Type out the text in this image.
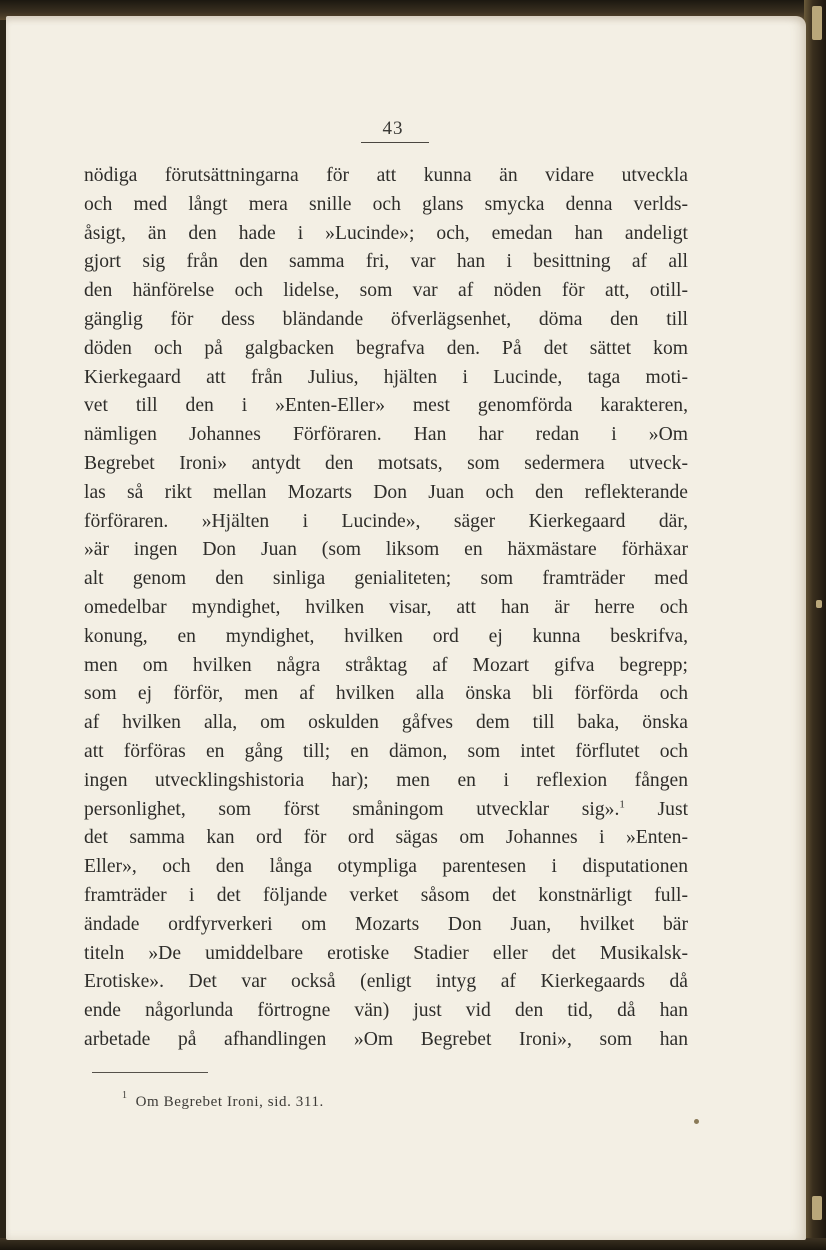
43
nödiga förutsättningarna för att kunna än vidare utveckla
och med långt mera snille och glans smycka denna verlds-
åsigt, än den hade i »Lucinde»; och, emedan han andeligt
gjort sig från den samma fri, var han i besittning af all
den hänförelse och lidelse, som var af nöden för att, otill-
gänglig för dess bländande öfverlägsenhet, döma den till
döden och på galgbacken begrafva den. På det sättet kom
Kierkegaard att från Julius, hjälten i Lucinde, taga moti-
vet till den i »Enten-Eller» mest genomförda karakteren,
nämligen Johannes Förföraren. Han har redan i »Om
Begrebet Ironi» antydt den motsats, som sedermera utveck-
las så rikt mellan Mozarts Don Juan och den reflekterande
förföraren. »Hjälten i Lucinde», säger Kierkegaard där,
»är ingen Don Juan (som liksom en häxmästare förhäxar
alt genom den sinliga genialiteten; som framträder med
omedelbar myndighet, hvilken visar, att han är herre och
konung, en myndighet, hvilken ord ej kunna beskrifva,
men om hvilken några stråktag af Mozart gifva begrepp;
som ej förför, men af hvilken alla önska bli förförda och
af hvilken alla, om oskulden gåfves dem till baka, önska
att förföras en gång till; en dämon, som intet förflutet och
ingen utvecklingshistoria har); men en i reflexion fången
personlighet, som först småningom utvecklar sig».$^1$ Just
det samma kan ord för ord sägas om Johannes i »Enten-
Eller», och den långa otympliga parentesen i disputationen
framträder i det följande verket såsom det konstnärligt full-
ändade ordfyrverkeri om Mozarts Don Juan, hvilket bär
titeln »De umiddelbare erotiske Stadier eller det Musikalsk-
Erotiske». Det var också (enligt intyg af Kierkegaards då
ende någorlunda förtrogne vän) just vid den tid, då han
arbetade på afhandlingen »Om Begrebet Ironi», som han
$^1$ Om Begrebet Ironi, sid. 311.
